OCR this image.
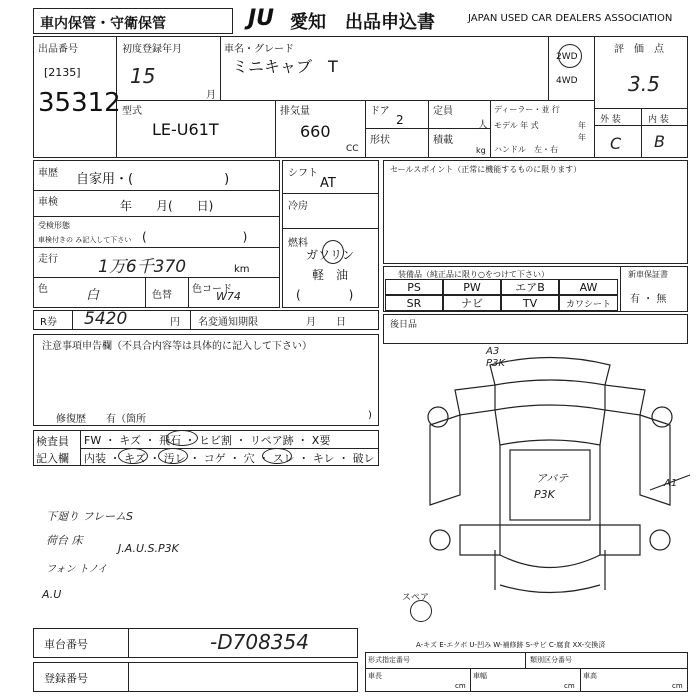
車内保管・守衛保管	JU 愛知 出品申込書	JAPAN USED CAR DEALERS ASSOCIATION
出品番号
[2135]
35312
初度登録年月
15
月
車名・グレード
ミニキャブ　T	2WD
4WD
評　価　点
3.5
型式
LE-U61T
排気量
660
CC
ドア
2
定員
人
形状	積載
kg
ディーラー・並 行
モデル 年 式	年
年
ハンドル　左・右
外 装	内 装
C B
車歴 自家用・(　　　　　　　)
車検	年　　月(　　日)
受検形態
車検付きの み記入して下さい (　　　　　　　　)
走行 1万6千370	km
色	白	色替
色コード
W74
R券 5420	円 名変通知期限	月　　日
シフト
AT
冷房
燃料
ガソリン
軽　油
(　　　　)
セールスポイント（正常に機能するものに限ります）
装備品（純正品に限り○をつけて下さい）	新車保証書
有 ・ 無
PS	PW	エアB	AW
SR	ナビ	TV	カワシート
後日品
注意事項申告欄（不具合内容等は具体的に記入して下さい）
修復歴　　有（箇所	)
検査員
記入欄
FW ・ キズ ・ 飛石 ・ ヒビ割 ・ リペア跡 ・ X要
内装 ・ キズ ・ 汚レ ・ コゲ ・ 穴 ・ スレ ・ キレ ・ 破レ
下廻り フレームS
荷台 床
J.A.U.S.P3K
フォン トノイ
A.U
A3
P3K
A1
アバテ
P3K
スペア
A-キズ E-エクボ U-凹み W-補修跡 S-サビ C-腐食 XX-交換済
車台番号	-D708354
登録番号
形式指定番号	類別区分番号
車長
cm
車幅
cm
車高
cm
